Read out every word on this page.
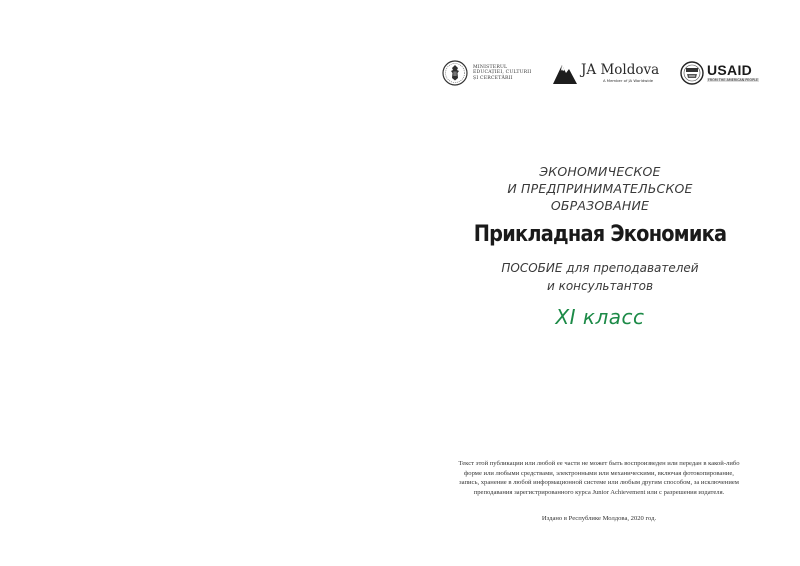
MINISTERUL
EDUCAȚIEI, CULTURII
ȘI CERCETĂRII
JA Moldova
A Member of JA Worldwide
USAID
FROM THE AMERICAN PEOPLE
ЭКОНОМИЧЕСКОЕ
И ПРЕДПРИНИМАТЕЛЬСКОЕ
ОБРАЗОВАНИЕ
Прикладная Экономика
ПОСОБИЕ для преподавателей
и консультантов
XI класс
Текст этой публикации или любой ее части не может быть воспроизведен или передан в какой-либо
форме или любыми средствами, электронными или механическими, включая фотокопирование,
запись, хранение в любой информационной системе или любым другим способом, за исключением
преподавания зарегистрированного курса Junior Achievement или с разрешения издателя.
Издано в Республике Молдова, 2020 год.
